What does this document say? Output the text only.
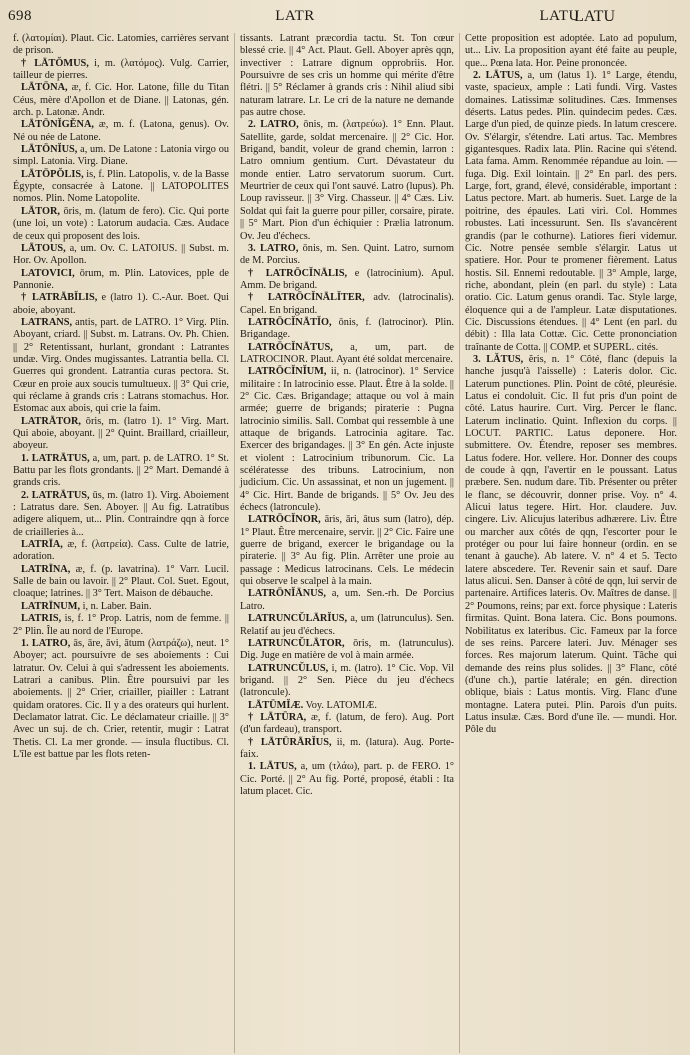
698	LATR	LATU
LATU

f. (λατομίαι). Plaut. Cic. Latomies, carrières servant de prison.

† LĀTŎMUS, i, m. (λατόμος). Vulg. Carrier, tailleur de pierres.

LĀTŌNA, æ, f. Cic. Hor. Latone, fille du Titan Céus, mère d'Apollon et de Diane. || Latonas, gén. arch. p. Latonæ. Andr.

LĀTŌNĬGĔNA, æ, m. f. (Latona, genus). Ov. Né ou née de Latone.

LĀTŌNĬUS, a, um. De Latone : Latonia virgo ou simpl. Latonia. Virg. Diane.

LĀTŌPŎLIS, is, f. Plin. Latopolis, v. de la Basse Égypte, consacrée à Latone. || LATOPOLITES nomos. Plin. Nome Latopolite.

LĀTOR, ōris, m. (latum de fero). Cic. Qui porte (une loi, un vote) : Latorum audacia. Cæs. Audace de ceux qui proposent des lois.

LĀTOUS, a, um. Ov. C. LATOIUS. || Subst. m. Hor. Ov. Apollon.

LATOVICI, ōrum, m. Plin. Latovices, pple de Pannonie.

† LATRĀBĬLIS, e (latro 1). C.-Aur. Boet. Qui aboie, aboyant.

LATRANS, antis, part. de LATRO. 1° Virg. Plin. Aboyant, criard. || Subst. m. Latrans. Ov. Ph. Chien. || 2° Retentissant, hurlant, grondant : Latrantes undæ. Virg. Ondes mugissantes. Latrantia bella. Cl. Guerres qui grondent. Latrantia curas pectora. St. Cœur en proie aux soucis tumultueux. || 3° Qui crie, qui réclame à grands cris : Latrans stomachus. Hor. Estomac aux abois, qui crie la faim.

LATRĀTOR, ōris, m. (latro 1). 1° Virg. Mart. Qui aboie, aboyant. || 2° Quint. Braillard, criailleur, aboyeur.

1. LATRĀTUS, a, um, part. p. de LATRO. 1° St. Battu par les flots grondants. || 2° Mart. Demandé à grands cris.

2. LATRĀTUS, ūs, m. (latro 1). Virg. Aboiement : Latratus dare. Sen. Aboyer. || Au fig. Latratibus adigere aliquem, ut... Plin. Contraindre qqn à force de criailleries à...

LATRĪA, æ, f. (λατρεία). Cass. Culte de latrie, adoration.

LATRĪNA, æ, f. (p. lavatrina). 1° Varr. Lucil. Salle de bain ou lavoir. || 2° Plaut. Col. Suet. Egout, cloaque; latrines. || 3° Tert. Maison de débauche.

LATRĪNUM, i, n. Laber. Bain.

LATRIS, is, f. 1° Prop. Latris, nom de femme. || 2° Plin. Île au nord de l'Europe.

1. LATRO, ās, āre, āvi, ātum (λατράζω), neut. 1° Aboyer; act. poursuivre de ses aboiements : Cui latratur. Ov. Celui à qui s'adressent les aboiements. Latrari a canibus. Plin. Être poursuivi par les aboiements. || 2° Crier, criailler, piailler : Latrant quidam oratores. Cic. Il y a des orateurs qui hurlent. Declamator latrat. Cic. Le déclamateur criaille. || 3° Avec un suj. de ch. Crier, retentir, mugir : Latrat Thetis. Cl. La mer gronde. — insula fluctibus. Cl. L'île est battue par les flots reten-

tissants. Latrant præcordia tactu. St. Ton cœur blessé crie. || 4° Act. Plaut. Gell. Aboyer après qqn, invectiver : Latrare dignum opprobriis. Hor. Poursuivre de ses cris un homme qui mérite d'être flétri. || 5° Réclamer à grands cris : Nihil aliud sibi naturam latrare. Lr. Le cri de la nature ne demande pas autre chose.

2. LATRO, ōnis, m. (λατρεύω). 1° Enn. Plaut. Satellite, garde, soldat mercenaire. || 2° Cic. Hor. Brigand, bandit, voleur de grand chemin, larron : Latro omnium gentium. Curt. Dévastateur du monde entier. Latro servatorum suorum. Curt. Meurtrier de ceux qui l'ont sauvé. Latro (lupus). Ph. Loup ravisseur. || 3° Virg. Chasseur. || 4° Cæs. Liv. Soldat qui fait la guerre pour piller, corsaire, pirate. || 5° Mart. Pion d'un échiquier : Prælia latronum. Ov. Jeu d'échecs.

3. LATRO, ōnis, m. Sen. Quint. Latro, surnom de M. Porcius.

† LATRŌCĬNĀLIS, e (latrocinium). Apul. Amm. De brigand.

† LATRŌCĬNĀLĬTER, adv. (latrocinalis). Capel. En brigand.

LATRŌCĬNĀTĬO, ōnis, f. (latrocinor). Plin. Brigandage.

LATRŌCĬNĀTUS, a, um, part. de LATROCINOR. Plaut. Ayant été soldat mercenaire.

LATRŌCĬNĬUM, ii, n. (latrocinor). 1° Service militaire : In latrocinio esse. Plaut. Être à la solde. || 2° Cic. Cæs. Brigandage; attaque ou vol à main armée; guerre de brigands; piraterie : Pugna latrocinio similis. Sall. Combat qui ressemble à une attaque de brigands. Latrocinia agitare. Tac. Exercer des brigandages. || 3° En gén. Acte injuste et violent : Latrocinium tribunorum. Cic. La scélératesse des tribuns. Latrocinium, non judicium. Cic. Un assassinat, et non un jugement. || 4° Cic. Hirt. Bande de brigands. || 5° Ov. Jeu des échecs (latroncule).

LATRŌCĬNOR, āris, āri, ātus sum (latro), dép. 1° Plaut. Être mercenaire, servir. || 2° Cic. Faire une guerre de brigand, exercer le brigandage ou la piraterie. || 3° Au fig. Plin. Arrêter une proie au passage : Medicus latrocinans. Cels. Le médecin qui observe le scalpel à la main.

LATRŌNĬĀNUS, a, um. Sen.-rh. De Porcius Latro.

LATRUNCŬLĀRĬUS, a, um (latrunculus). Sen. Relatif au jeu d'échecs.

LATRUNCŬLĀTOR, ōris, m. (latrunculus). Dig. Juge en matière de vol à main armée.

LATRUNCŬLUS, i, m. (latro). 1° Cic. Vop. Vil brigand. || 2° Sen. Pièce du jeu d'échecs (latroncule).

LĀTŪMĬÆ. Voy. LATOMIÆ.

† LĀTŪRA, æ, f. (latum, de fero). Aug. Port (d'un fardeau), transport.

† LĀTŪRĀRĬUS, ii, m. (latura). Aug. Porte-faix.

1. LĀTUS, a, um (τλάω), part. p. de FERO. 1° Cic. Porté. || 2° Au fig. Porté, proposé, établi : Ita latum placet. Cic.

Cette proposition est adoptée. Lato ad populum, ut... Liv. La proposition ayant été faite au peuple, que... Pœna lata. Hor. Peine prononcée.

2. LĀTUS, a, um (latus 1). 1° Large, étendu, vaste, spacieux, ample : Lati fundi. Virg. Vastes domaines. Latissimæ solitudines. Cæs. Immenses déserts. Latus pedes. Plin. quindecim pedes. Cæs. Large d'un pied, de quinze pieds. In latum crescere. Ov. S'élargir, s'étendre. Lati artus. Tac. Membres gigantesques. Radix lata. Plin. Racine qui s'étend. Lata fama. Amm. Renommée répandue au loin. — fuga. Dig. Exil lointain. || 2° En parl. des pers. Large, fort, grand, élevé, considérable, important : Latus pectore. Mart. ab humeris. Suet. Large de la poitrine, des épaules. Lati viri. Col. Hommes robustes. Lati incessurunt. Sen. Ils s'avancèrent grandis (par le cothurne). Latiores fieri videmur. Cic. Notre pensée semble s'élargir. Latus ut spatiere. Hor. Pour te promener fièrement. Latus hostis. Sil. Ennemi redoutable. || 3° Ample, large, riche, abondant, plein (en parl. du style) : Lata oratio. Cic. Latum genus orandi. Tac. Style large, éloquence qui a de l'ampleur. Latæ disputationes. Cic. Discussions étendues. || 4° Lent (en parl. du débit) : Illa lata Cottæ. Cic. Cette prononciation traînante de Cotta. || COMP. et SUPERL. cités.

3. LĂTUS, ĕris, n. 1° Côté, flanc (depuis la hanche jusqu'à l'aisselle) : Lateris dolor. Cic. Laterum punctiones. Plin. Point de côté, pleurésie. Latus ei condoluit. Cic. Il fut pris d'un point de côté. Latus haurire. Curt. Virg. Percer le flanc. Laterum inclinatio. Quint. Inflexion du corps. || LOCUT. PARTIC. Latus deponere. Hor. submittere. Ov. Étendre, reposer ses membres. Latus fodere. Hor. vellere. Hor. Donner des coups de coude à qqn, l'avertir en le poussant. Latus præbere. Sen. nudum dare. Tib. Présenter ou prêter le flanc, se découvrir, donner prise. Voy. n° 4. Alicui latus tegere. Hirt. Hor. claudere. Juv. cingere. Liv. Alicujus lateribus adhærere. Liv. Être ou marcher aux côtés de qqn, l'escorter pour le protéger ou pour lui faire honneur (ordin. en se tenant à gauche). Ab latere. V. n° 4 et 5. Tecto latere abscedere. Ter. Revenir sain et sauf. Dare latus alicui. Sen. Danser à côté de qqn, lui servir de partenaire. Artifices lateris. Ov. Maîtres de danse. || 2° Poumons, reins; par ext. force physique : Lateris firmitas. Quint. Bona latera. Cic. Bons poumons. Nobilitatus ex lateribus. Cic. Fameux par la force de ses reins. Parcere lateri. Juv. Ménager ses forces. Res majorum laterum. Quint. Tâche qui demande des reins plus solides. || 3° Flanc, côté (d'une ch.), partie latérale; en gén. direction oblique, biais : Latus montis. Virg. Flanc d'une montagne. Latera putei. Plin. Parois d'un puits. Latus insulæ. Cæs. Bord d'une île. — mundi. Hor. Pôle du
